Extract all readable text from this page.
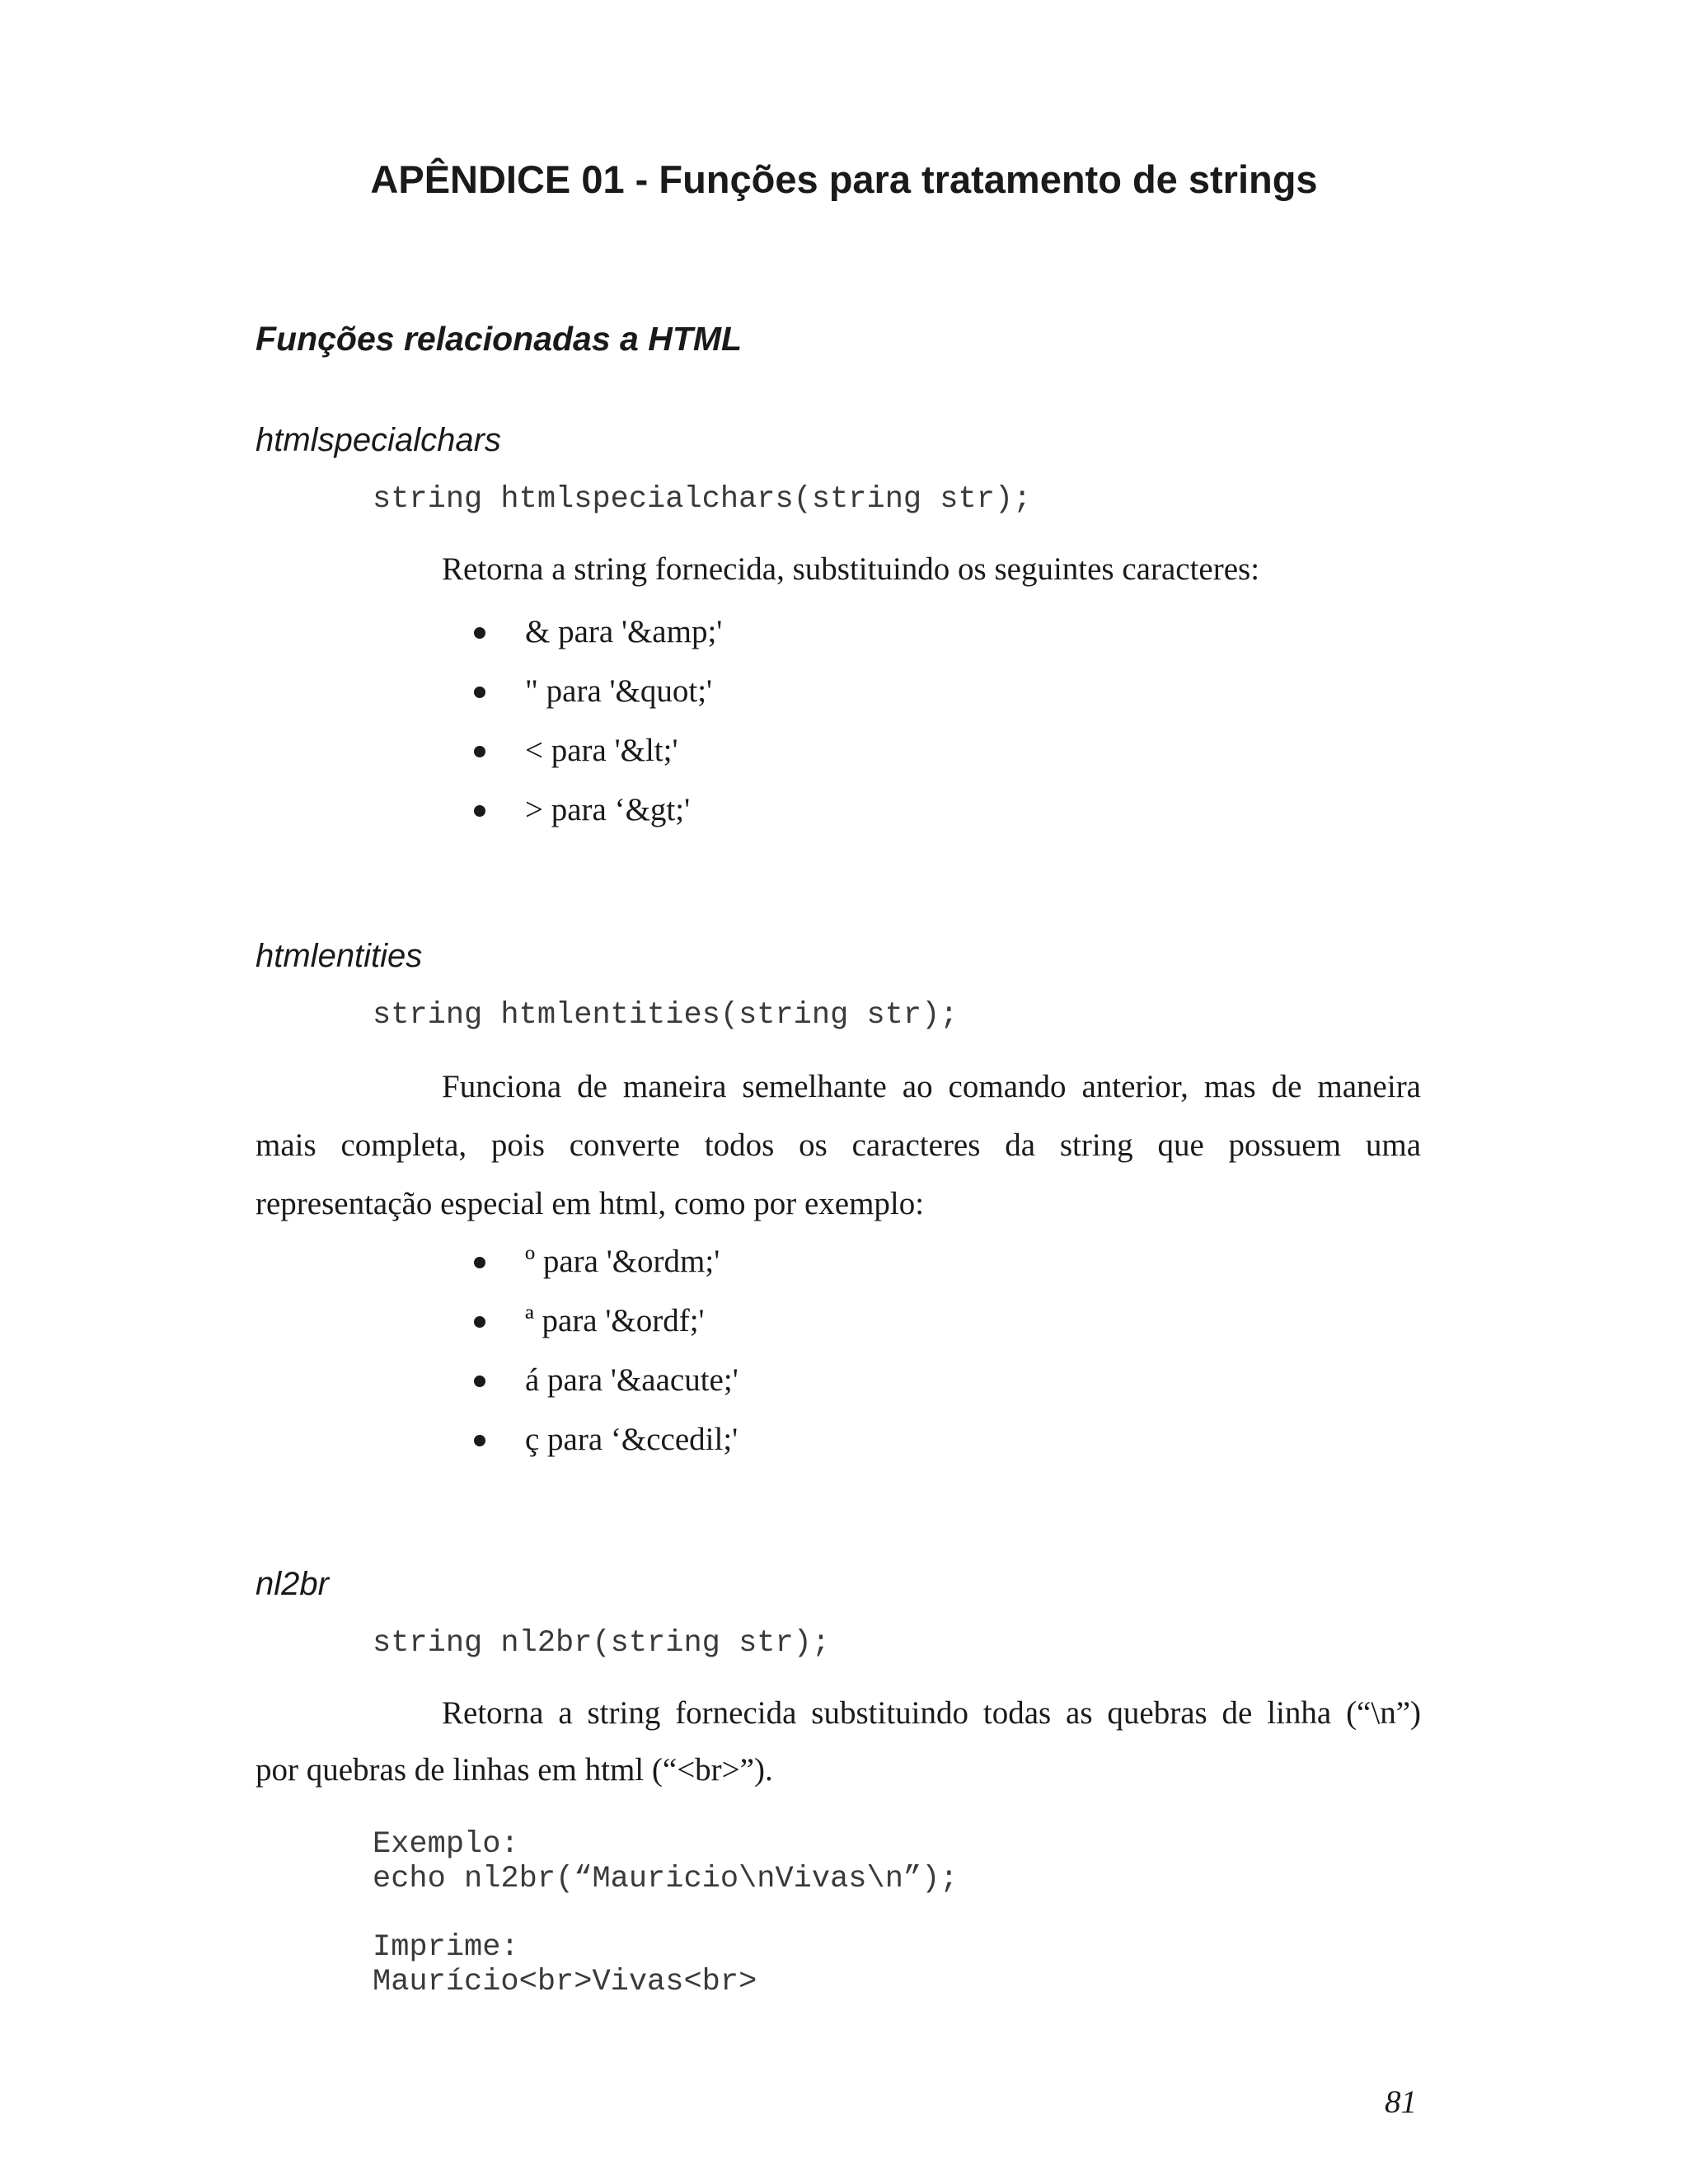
APÊNDICE 01 - Funções para tratamento de strings
Funções relacionadas a HTML
htmlspecialchars
string htmlspecialchars(string str);
Retorna a string fornecida, substituindo os seguintes caracteres:
& para '&amp;'
" para '&quot;'
< para '&lt;'
> para ‘&gt;'
htmlentities
string htmlentities(string str);
Funciona de maneira semelhante ao comando anterior, mas de maneira
mais completa, pois converte todos os caracteres da string que possuem uma
representação especial em html, como por exemplo:
º para '&ordm;'
ª para '&ordf;'
á para '&aacute;'
ç para ‘&ccedil;'
nl2br
string nl2br(string str);
Retorna a string fornecida substituindo todas as quebras de linha (“\n”)
por quebras de linhas em html (“<br>”).
Exemplo:
echo nl2br(“Mauricio\nVivas\n”);
Imprime:
Maurício<br>Vivas<br>
81
